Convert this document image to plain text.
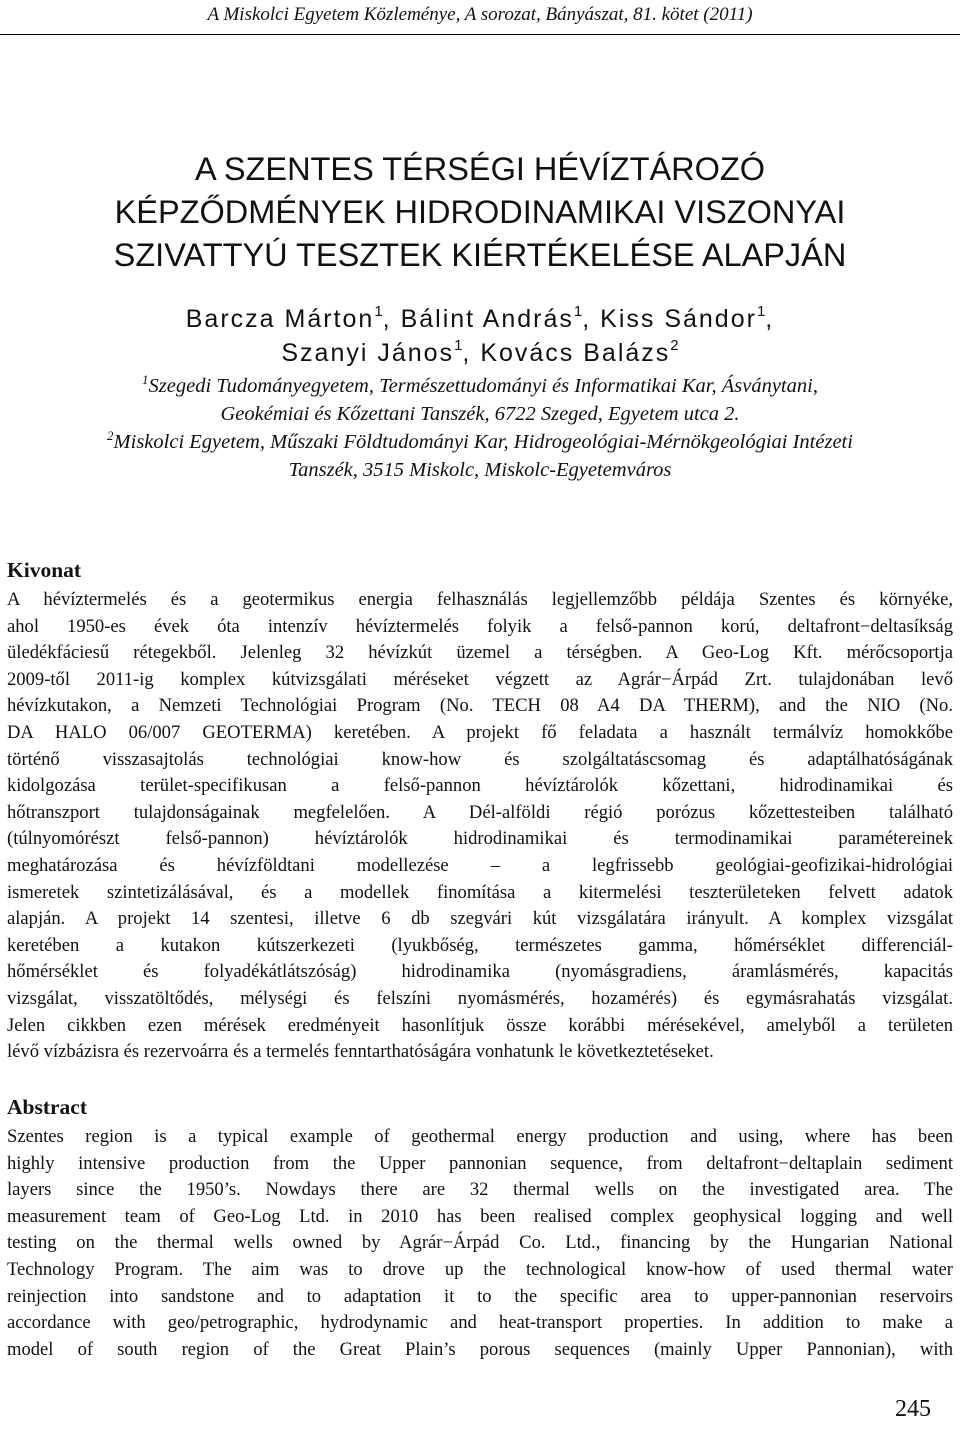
A Miskolci Egyetem Közleménye, A sorozat, Bányászat, 81. kötet (2011)
A SZENTES TÉRSÉGI HÉVÍZTÁROZÓ
KÉPZŐDMÉNYEK HIDRODINAMIKAI VISZONYAI
SZIVATTYÚ TESZTEK KIÉRTÉKELÉSE ALAPJÁN
Barcza Márton$^1$, Bálint András$^1$, Kiss Sándor$^1$,
Szanyi János$^1$, Kovács Balázs$^2$
$^1$Szegedi Tudományegyetem, Természettudományi és Informatikai Kar, Ásványtani,
Geokémiai és Kőzettani Tanszék, 6722 Szeged, Egyetem utca 2.
$^2$Miskolci Egyetem, Műszaki Földtudományi Kar, Hidrogeológiai-Mérnökgeológiai Intézeti
Tanszék, 3515 Miskolc, Miskolc-Egyetemváros
Kivonat
A hévíztermelés és a geotermikus energia felhasználás legjellemzőbb példája Szentes és környéke,
ahol 1950-es évek óta intenzív hévíztermelés folyik a felső-pannon korú, deltafront−deltasíkság
üledékfáciesű rétegekből. Jelenleg 32 hévízkút üzemel a térségben. A Geo-Log Kft. mérőcsoportja
2009-től 2011-ig komplex kútvizsgálati méréseket végzett az Agrár−Árpád Zrt. tulajdonában levő
hévízkutakon, a Nemzeti Technológiai Program (No. TECH 08 A4 DA THERM), and the NIO (No.
DA HALO 06/007 GEOTERMA) keretében. A projekt fő feladata a használt termálvíz homokkőbe
történő visszasajtolás technológiai know-how és szolgáltatáscsomag és adaptálhatóságának
kidolgozása terület-specifikusan a felső-pannon hévíztárolók kőzettani, hidrodinamikai és
hőtranszport tulajdonságainak megfelelően. A Dél-alföldi régió porózus kőzettesteiben található
(túlnyomórészt felső-pannon) hévíztárolók hidrodinamikai és termodinamikai paramétereinek
meghatározása és hévízföldtani modellezése – a legfrissebb geológiai-geofizikai-hidrológiai
ismeretek szintetizálásával, és a modellek finomítása a kitermelési teszterületeken felvett adatok
alapján. A projekt 14 szentesi, illetve 6 db szegvári kút vizsgálatára irányult. A komplex vizsgálat
keretében a kutakon kútszerkezeti (lyukbőség, természetes gamma, hőmérséklet differenciál-
hőmérséklet és folyadékátlátszóság) hidrodinamika (nyomásgradiens, áramlásmérés, kapacitás
vizsgálat, visszatöltődés, mélységi és felszíni nyomásmérés, hozamérés) és egymásrahatás vizsgálat.
Jelen cikkben ezen mérések eredményeit hasonlítjuk össze korábbi mérésekével, amelyből a területen
lévő vízbázisra és rezervoárra és a termelés fenntarthatóságára vonhatunk le következtetéseket.
Abstract
Szentes region is a typical example of geothermal energy production and using, where has been
highly intensive production from the Upper pannonian sequence, from deltafront−deltaplain sediment
layers since the 1950’s. Nowdays there are 32 thermal wells on the investigated area. The
measurement team of Geo-Log Ltd. in 2010 has been realised complex geophysical logging and well
testing on the thermal wells owned by Agrár−Árpád Co. Ltd., financing by the Hungarian National
Technology Program. The aim was to drove up the technological know-how of used thermal water
reinjection into sandstone and to adaptation it to the specific area to upper-pannonian reservoirs
accordance with geo/petrographic, hydrodynamic and heat-transport properties. In addition to make a
model of south region of the Great Plain’s porous sequences (mainly Upper Pannonian), with
245
